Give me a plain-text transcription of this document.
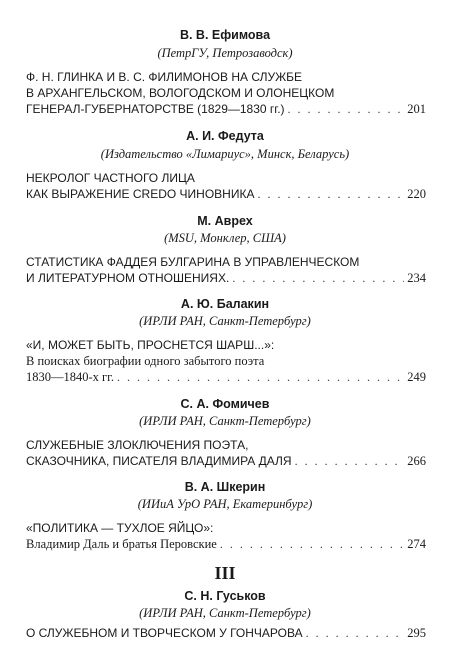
В. В. Ефимова
(ПетрГУ, Петрозаводск)
Ф. Н. ГЛИНКА И В. С. ФИЛИМОНОВ НА СЛУЖБЕ
В АРХАНГЕЛЬСКОМ, ВОЛОГОДСКОМ И ОЛОНЕЦКОМ
ГЕНЕРАЛ-ГУБЕРНАТОРСТВЕ (1829—1830 гг.) . . .	201
А. И. Федута
(Издательство «Лимариус», Минск, Беларусь)
НЕКРОЛОГ ЧАСТНОГО ЛИЦА
КАК ВЫРАЖЕНИЕ CREDO ЧИНОВНИКА . . .	220
М. Аврех
(MSU, Монклер, США)
СТАТИСТИКА ФАДДЕЯ БУЛГАРИНА В УПРАВЛЕНЧЕСКОМ
И ЛИТЕРАТУРНОМ ОТНОШЕНИЯХ. . . .	234
А. Ю. Балакин
(ИРЛИ РАН, Санкт-Петербург)
«И, МОЖЕТ БЫТЬ, ПРОСНЕТСЯ ШАРШ...»:
В поисках биографии одного забытого поэта
1830—1840-х гг. . . .	249
С. А. Фомичев
(ИРЛИ РАН, Санкт-Петербург)
СЛУЖЕБНЫЕ ЗЛОКЛЮЧЕНИЯ ПОЭТА,
СКАЗОЧНИКА, ПИСАТЕЛЯ ВЛАДИМИРА ДАЛЯ . . .	266
В. А. Шкерин
(ИИиА УрО РАН, Екатеринбург)
«ПОЛИТИКА — ТУХЛОЕ ЯЙЦО»:
Владимир Даль и братья Перовские . . .	274
III
С. Н. Гуськов
(ИРЛИ РАН, Санкт-Петербург)
О СЛУЖЕБНОМ И ТВОРЧЕСКОМ У ГОНЧАРОВА . . .	295
